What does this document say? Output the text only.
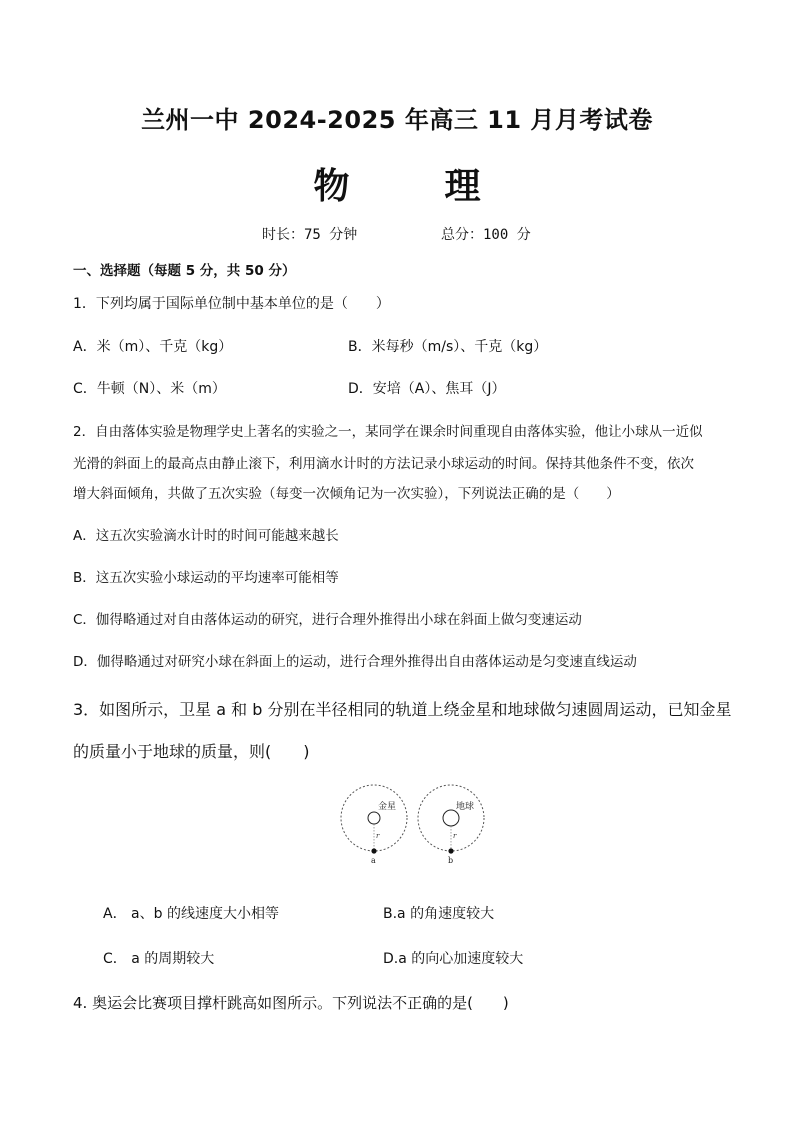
兰州一中 2024-2025 年高三 11 月月考试卷
物	理
时长：75 分钟	总分：100 分
一、选择题（每题 5 分，共 50 分）
1．下列均属于国际单位制中基本单位的是（　　）
A．米（m）、千克（kg）	B．米每秒（m/s）、千克（kg）
C．牛顿（N）、米（m）	D．安培（A）、焦耳（J）
2．自由落体实验是物理学史上著名的实验之一，某同学在课余时间重现自由落体实验，他让小球从一近似
光滑的斜面上的最高点由静止滚下，利用滴水计时的方法记录小球运动的时间。保持其他条件不变，依次
增大斜面倾角，共做了五次实验（每变一次倾角记为一次实验），下列说法正确的是（　　）
A．这五次实验滴水计时的时间可能越来越长
B．这五次实验小球运动的平均速率可能相等
C．伽得略通过对自由落体运动的研究，进行合理外推得出小球在斜面上做匀变速运动
D．伽得略通过对研究小球在斜面上的运动，进行合理外推得出自由落体运动是匀变速直线运动
3．如图所示，卫星 a 和 b 分别在半径相同的轨道上绕金星和地球做匀速圆周运动，已知金星
的质量小于地球的质量，则(　　)
金星
r
a
地球
r
b
A． a、b 的线速度大小相等	B.a 的角速度较大
C． a 的周期较大	D.a 的向心加速度较大
4. 奥运会比赛项目撑杆跳高如图所示。下列说法不正确的是(　　)
